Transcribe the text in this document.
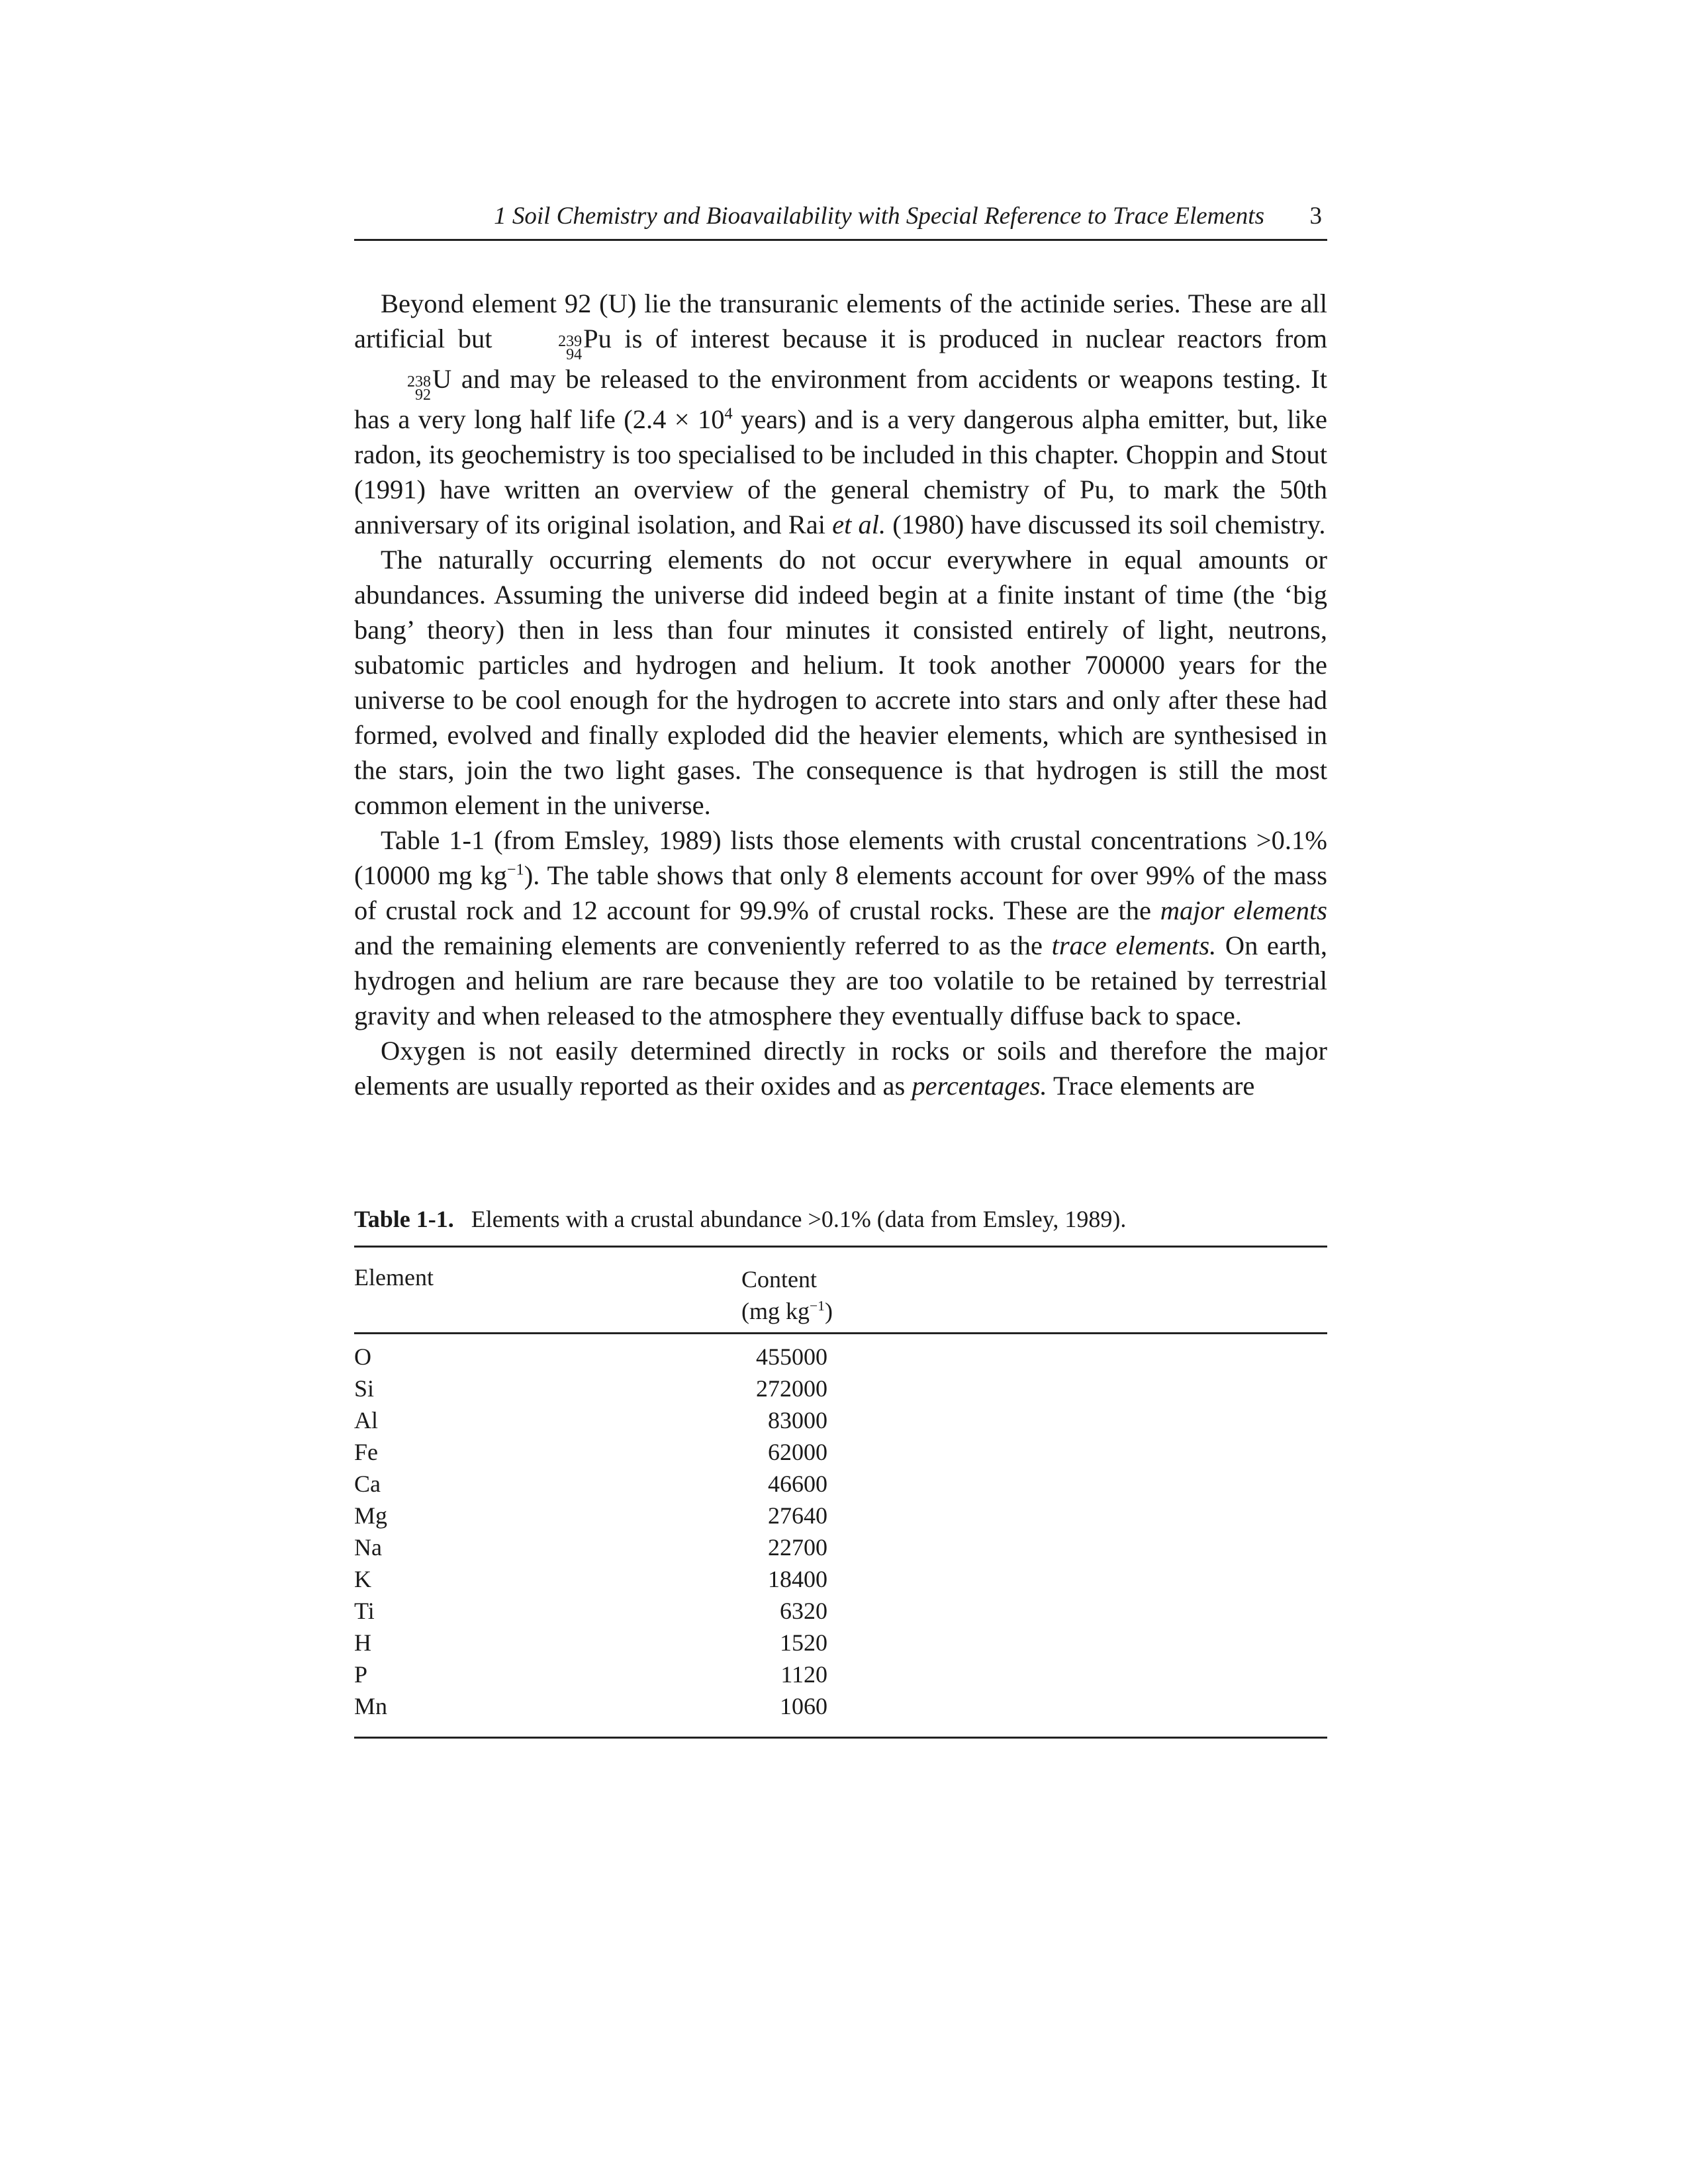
1 Soil Chemistry and Bioavailability with Special Reference to Trace Elements 3

Beyond element 92 (U) lie the transuranic elements of the actinide series. These are all artificial but	239
94
Pu is of interest because it is produced in nuclear reactors from
238
92
U and may be released to the environment from accidents or weapons testing. It has a very long half life ($2.4 \times 10^4$ years) and is a very dangerous alpha emitter, but, like radon, its geochemistry is too specialised to be included in this chapter. Choppin and Stout (1991) have written an overview of the general chemistry of Pu, to mark the 50th anniversary of its original isolation, and Rai et al. (1980) have discussed its soil chemistry.

The naturally occurring elements do not occur everywhere in equal amounts or abundances. Assuming the universe did indeed begin at a finite instant of time (the ‘big bang’ theory) then in less than four minutes it consisted entirely of light, neutrons, subatomic particles and hydrogen and helium. It took another 700000 years for the universe to be cool enough for the hydrogen to accrete into stars and only after these had formed, evolved and finally exploded did the heavier elements, which are synthesised in the stars, join the two light gases. The consequence is that hydrogen is still the most common element in the universe.

Table 1-1 (from Emsley, 1989) lists those elements with crustal concentrations >0.1% (10000 mg $kg^{-1}$). The table shows that only 8 elements account for over 99% of the mass of crustal rock and 12 account for 99.9% of crustal rocks. These are the major elements and the remaining elements are conveniently referred to as the trace elements. On earth, hydrogen and helium are rare because they are too volatile to be retained by terrestrial gravity and when released to the atmosphere they eventually diffuse back to space.

Oxygen is not easily determined directly in rocks or soils and therefore the major elements are usually reported as their oxides and as percentages. Trace elements are

Table 1-1. Elements with a crustal abundance >0.1% (data from Emsley, 1989).
Element	Content
(mg $kg^{-1}$)
O	455000
Si	272000
Al	83000
Fe	62000
Ca	46600
Mg	27640
Na	22700
K	18400
Ti	6320
H	1520
P	1120
Mn	1060
